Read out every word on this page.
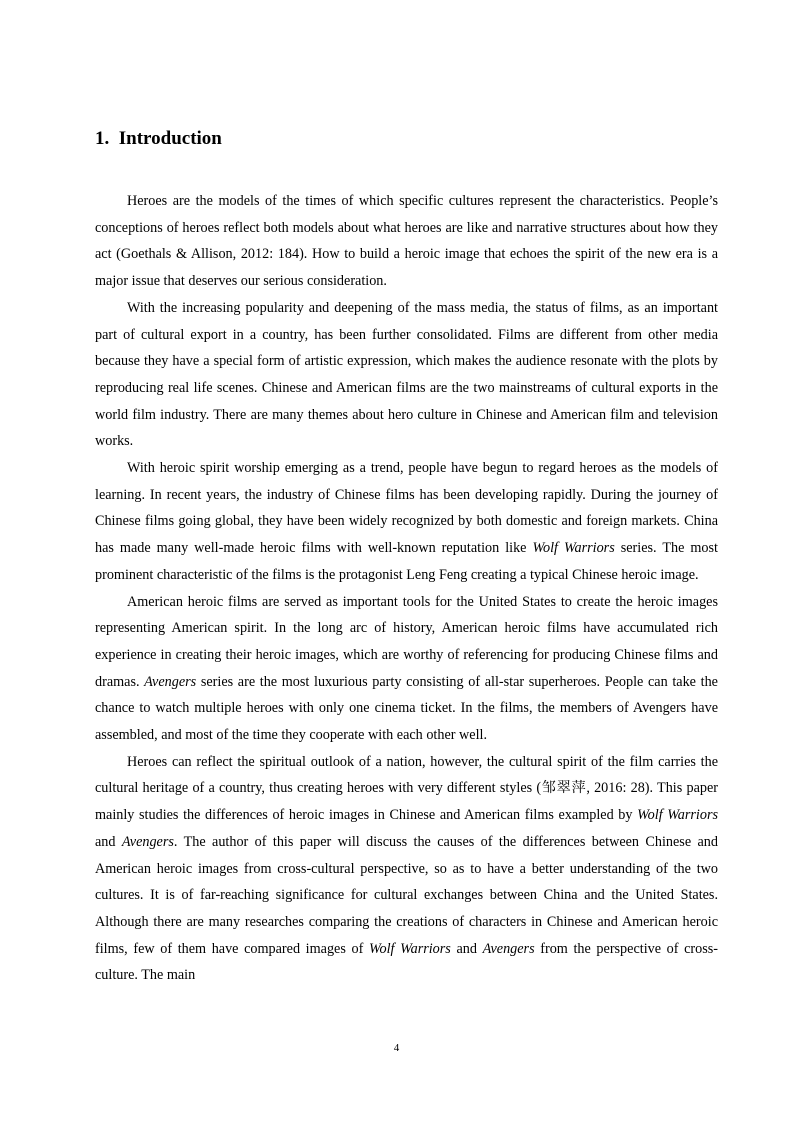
1. Introduction

Heroes are the models of the times of which specific cultures represent the characteristics. People’s conceptions of heroes reflect both models about what heroes are like and narrative structures about how they act (Goethals & Allison, 2012: 184). How to build a heroic image that echoes the spirit of the new era is a major issue that deserves our serious consideration.

With the increasing popularity and deepening of the mass media, the status of films, as an important part of cultural export in a country, has been further consolidated. Films are different from other media because they have a special form of artistic expression, which makes the audience resonate with the plots by reproducing real life scenes. Chinese and American films are the two mainstreams of cultural exports in the world film industry. There are many themes about hero culture in Chinese and American film and television works.

With heroic spirit worship emerging as a trend, people have begun to regard heroes as the models of learning. In recent years, the industry of Chinese films has been developing rapidly. During the journey of Chinese films going global, they have been widely recognized by both domestic and foreign markets. China has made many well-made heroic films with well-known reputation like Wolf Warriors series. The most prominent characteristic of the films is the protagonist Leng Feng creating a typical Chinese heroic image.

American heroic films are served as important tools for the United States to create the heroic images representing American spirit. In the long arc of history, American heroic films have accumulated rich experience in creating their heroic images, which are worthy of referencing for producing Chinese films and dramas. Avengers series are the most luxurious party consisting of all-star superheroes. People can take the chance to watch multiple heroes with only one cinema ticket. In the films, the members of Avengers have assembled, and most of the time they cooperate with each other well.

Heroes can reflect the spiritual outlook of a nation, however, the cultural spirit of the film carries the cultural heritage of a country, thus creating heroes with very different styles (邹翠萍, 2016: 28). This paper mainly studies the differences of heroic images in Chinese and American films exampled by Wolf Warriors and Avengers. The author of this paper will discuss the causes of the differences between Chinese and American heroic images from cross-cultural perspective, so as to have a better understanding of the two cultures. It is of far-reaching significance for cultural exchanges between China and the United States. Although there are many researches comparing the creations of characters in Chinese and American heroic films, few of them have compared images of Wolf Warriors and Avengers from the perspective of cross-culture. The main

4
